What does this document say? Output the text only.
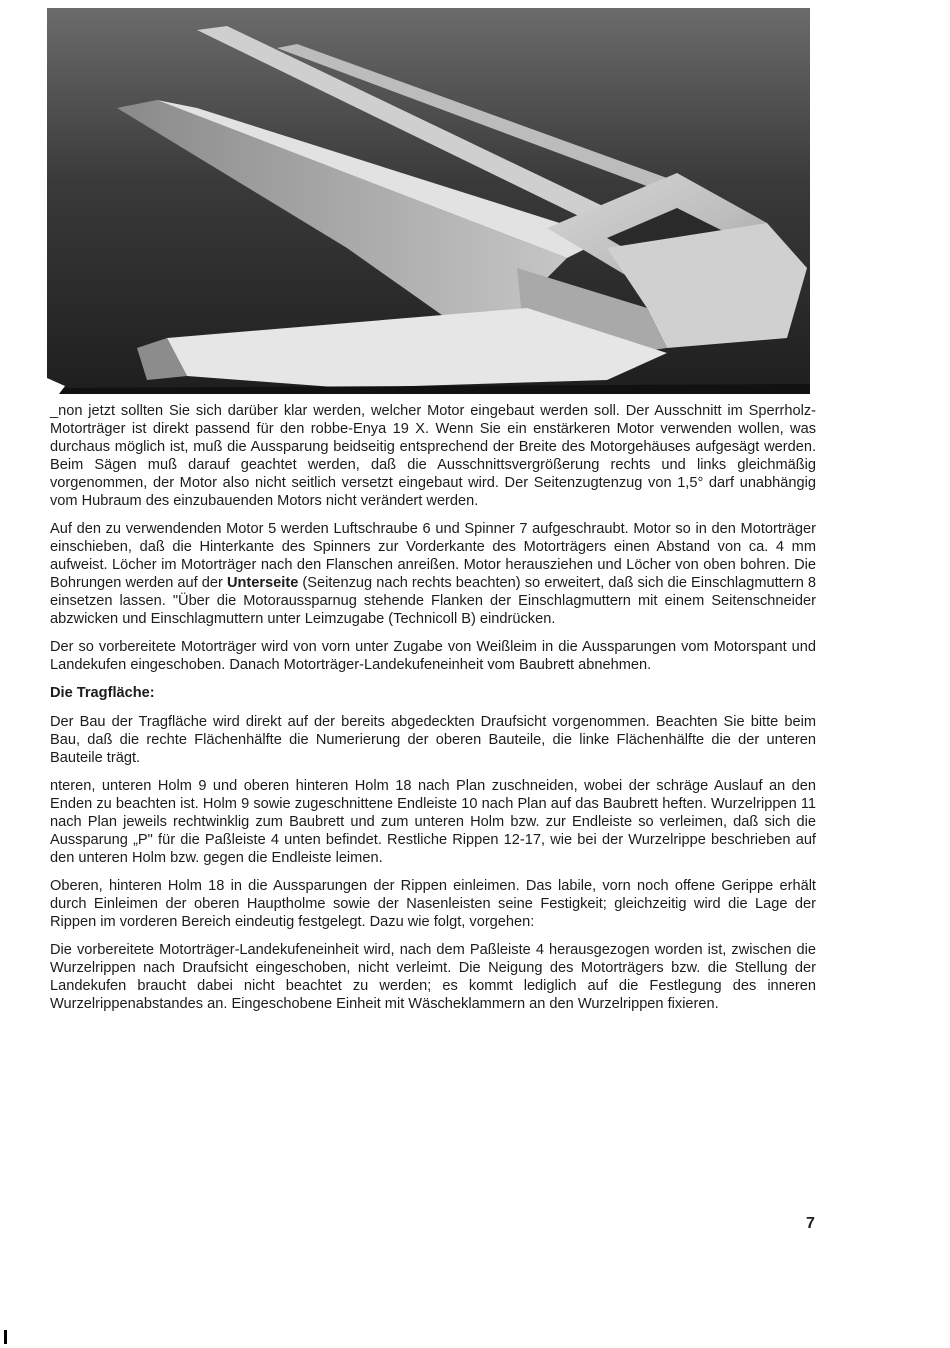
_non jetzt sollten Sie sich darüber klar werden, welcher Motor eingebaut werden soll. Der Ausschnitt im Sperrholz-Motorträger ist direkt passend für den robbe-Enya 19 X. Wenn Sie ein enstärkeren Motor verwenden wollen, was durchaus möglich ist, muß die Aussparung beidseitig entsprechend der Breite des Motorgehäuses aufgesägt werden. Beim Sägen muß darauf geachtet werden, daß die Ausschnittsvergrößerung rechts und links gleichmäßig vorgenommen, der Motor also nicht seitlich versetzt eingebaut wird. Der Seitenzugtenzug von 1,5° darf unabhängig vom Hubraum des einzubauenden Motors nicht verändert werden.

Auf den zu verwendenden Motor 5 werden Luftschraube 6 und Spinner 7 aufgeschraubt. Motor so in den Motorträger einschieben, daß die Hinterkante des Spinners zur Vorderkante des Motorträgers einen Abstand von ca. 4 mm aufweist. Löcher im Motorträger nach den Flanschen anreißen. Motor herausziehen und Löcher von oben bohren. Die Bohrungen werden auf der Unterseite (Seitenzug nach rechts beachten) so erweitert, daß sich die Einschlagmuttern 8 einsetzen lassen. "Über die Motoraussparnug stehende Flanken der Einschlagmuttern mit einem Seitenschneider abzwicken und Einschlagmuttern unter Leimzugabe (Technicoll B) eindrücken.

Der so vorbereitete Motorträger wird von vorn unter Zugabe von Weißleim in die Aussparungen vom Motorspant und Landekufen eingeschoben. Danach Motorträger-Landekufeneinheit vom Baubrett abnehmen.

Die Tragfläche:

Der Bau der Tragfläche wird direkt auf der bereits abgedeckten Draufsicht vorgenommen. Beachten Sie bitte beim Bau, daß die rechte Flächenhälfte die Numerierung der oberen Bauteile, die linke Flächenhälfte die der unteren Bauteile trägt.

nteren, unteren Holm 9 und oberen hinteren Holm 18 nach Plan zuschneiden, wobei der schräge Auslauf an den Enden zu beachten ist. Holm 9 sowie zugeschnittene Endleiste 10 nach Plan auf das Baubrett heften. Wurzelrippen 11 nach Plan jeweils rechtwinklig zum Baubrett und zum unteren Holm bzw. zur Endleiste so verleimen, daß sich die Aussparung „P" für die Paßleiste 4 unten befindet. Restliche Rippen 12-17, wie bei der Wurzelrippe beschrieben auf den unteren Holm bzw. gegen die Endleiste leimen.

Oberen, hinteren Holm 18 in die Aussparungen der Rippen einleimen. Das labile, vorn noch offene Gerippe erhält durch Einleimen der oberen Hauptholme sowie der Nasenleisten seine Festigkeit; gleichzeitig wird die Lage der Rippen im vorderen Bereich eindeutig festgelegt. Dazu wie folgt, vorgehen:

Die vorbereitete Motorträger-Landekufeneinheit wird, nach dem Paßleiste 4 herausgezogen worden ist, zwischen die Wurzelrippen nach Draufsicht eingeschoben, nicht verleimt. Die Neigung des Motorträgers bzw. die Stellung der Landekufen braucht dabei nicht beachtet zu werden; es kommt lediglich auf die Festlegung des inneren Wurzelrippenabstandes an. Eingeschobene Einheit mit Wäscheklammern an den Wurzelrippen fixieren.

7
